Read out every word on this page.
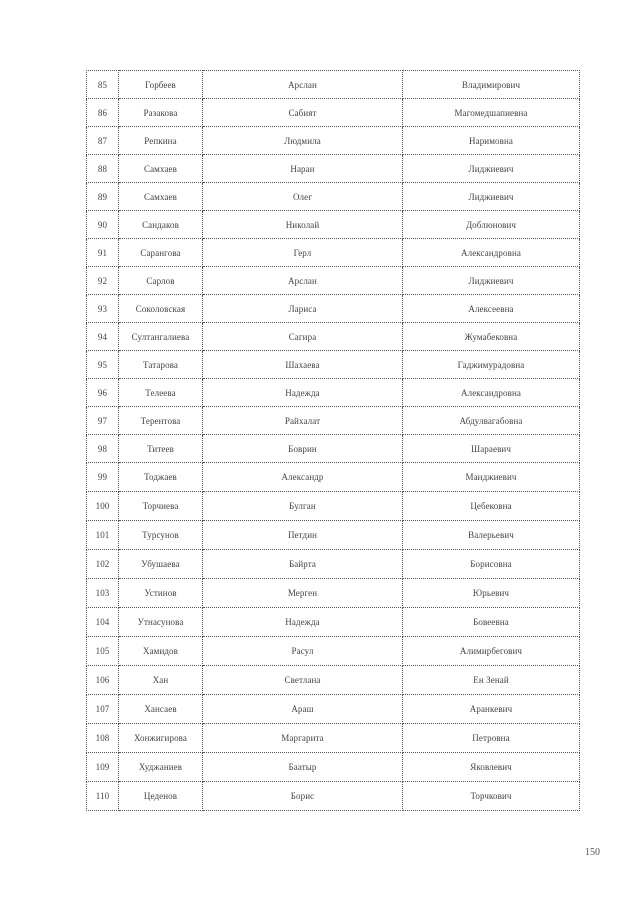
85	Горбеев	Арслан	Владимирович
86	Разакова	Сабият	Магомедшапиевна
87	Репкина	Людмила	Наримовна
88	Самхаев	Наран	Лиджиевич
89	Самхаев	Олег	Лиджиевич
90	Сандаков	Николай	Доблюнович
91	Сарангова	Герл	Александровна
92	Сарлов	Арслан	Лиджиевич
93	Соколовская	Лариса	Алексеевна
94	Султангалиева	Сагира	Жумабековна
95	Татарова	Шахаева	Гаджимурадовна
96	Телеева	Надежда	Александровна
97	Терентова	Райхалат	Абдулвагабовна
98	Титеев	Боврин	Шараевич
99	Тоджаев	Александр	Манджиевич
100	Торчиева	Булган	Цебековна
101	Турсунов	Петдин	Валерьевич
102	Убушаева	Байрта	Борисовна
103	Устинов	Мерген	Юрьевич
104	Утнасунова	Надежда	Бовеевна
105	Хамидов	Расул	Алимирбегович
106	Хан	Светлана	Ен Зенай
107	Хансаев	Араш	Аранкевич
108	Хонжигирова	Маргарита	Петровна
109	Худжаниев	Баатыр	Яковлевич
110	Цеденов	Борис	Торчкович
150
